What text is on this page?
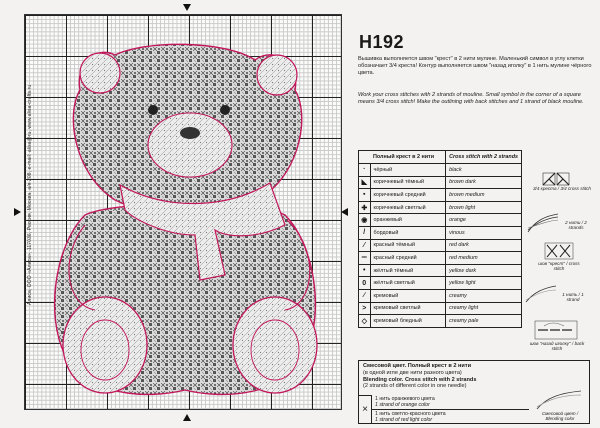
Алиса, ООО «Алиса», 117036, Россия, Москва, а/я 208, e-mail: alisa@ru, www.alisa-crafts.ru
H192
Вышивка выполняется швом "крест" в 2 нити мулине. Маленький символ в углу клетки обозначает 3/4 креста! Контур выполняется швом "назад иголку" в 1 нить мулине чёрного цвета.
Work your cross stitches with 2 strands of mouline. Small symbol in the corner of a square means 3/4 cross stitch! Make the outlining with back stitches and 1 strand of black mouline.
Полный крест в 2 нити		Cross stitch with 2 strands
·	чёрный	black
◣	коричневый тёмный	brown dark
▪	коричневый средний	brown medium
✚	коричневый светлый	brown light
◉	оранжевый	orange
/	бордовый	vinous
⁄	красный тёмный	red dark
═	красный средний	red medium
•	жёлтый тёмный	yellow dark
0	жёлтый светлый	yellow light
∕	кремовый	creamy
>	кремовый светлый	creamy light
◇	кремовый бледный	creamy pale
3/4 креста / 3/4 cross stitch
2 нити / 2 strands
шов "крест" / cross stitch
1 нить / 1 strand
шов "назад иголку" / back stitch
Смесовой цвет. Полный крест в 2 нити
(в одной игле две нити разного цвета)
Blending color. Cross stitch with 2 strands
(2 strands of different color in one needle)
×
1 нить оранжевого цвета
1 strand of orange color
1 нить светло-красного цвета
1 strand of red light color
Смесовой цвет / Blending color
